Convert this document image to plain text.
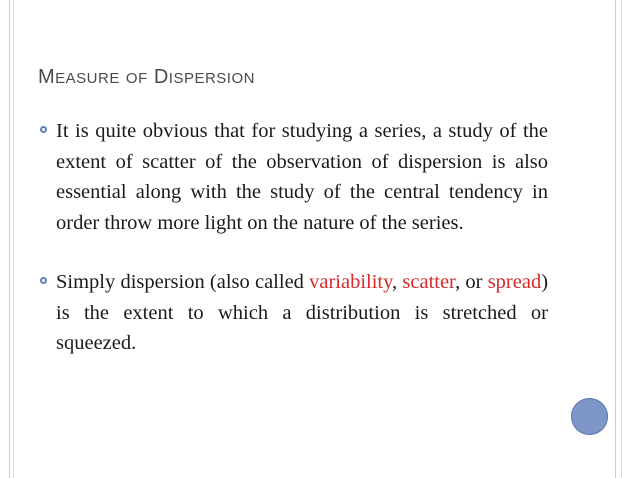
MEASURE OF DISPERSION
It is quite obvious that for studying a series, a study of the extent of scatter of the observation of dispersion is also essential along with the study of the central tendency in order throw more light on the nature of the series.
Simply dispersion (also called variability, scatter, or spread) is the extent to which a distribution is stretched or squeezed.
